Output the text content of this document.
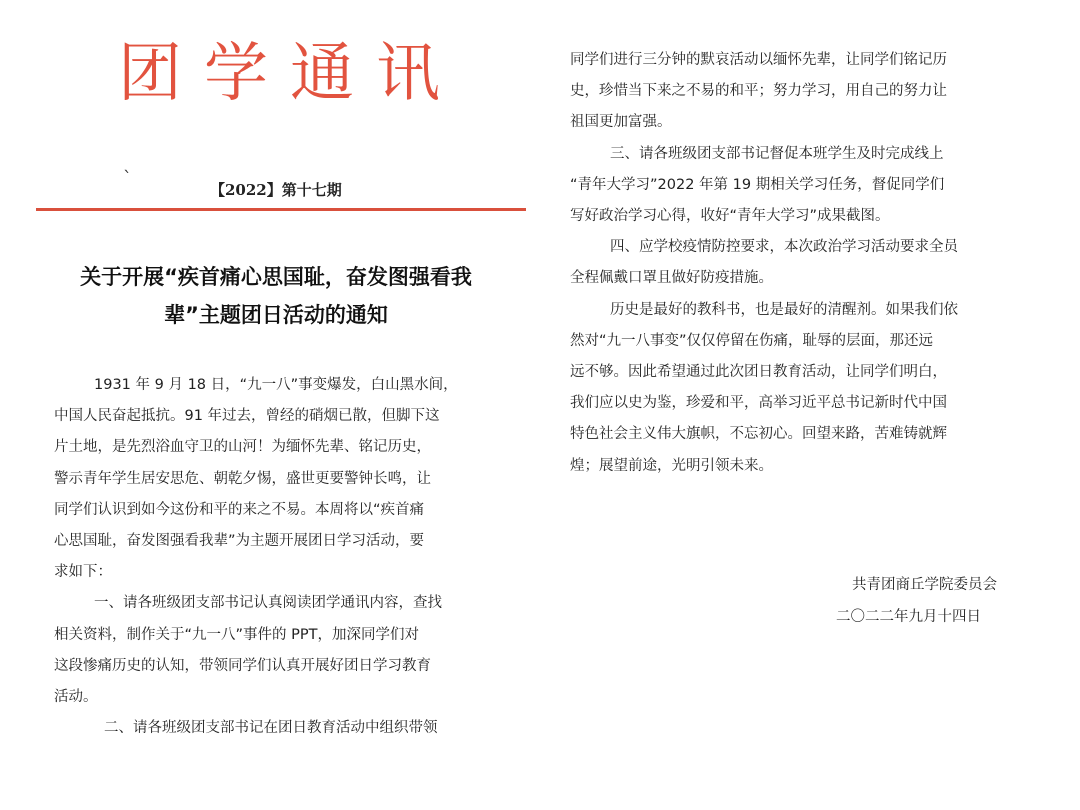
团学通讯
ˋ
【2022】第十七期
关于开展“疾首痛心思国耻，奋发图强看我
辈”主题团日活动的通知
1931 年 9 月 18 日，“九一八”事变爆发，白山黑水间，
中国人民奋起抵抗。91 年过去，曾经的硝烟已散，但脚下这
片土地，是先烈浴血守卫的山河！为缅怀先辈、铭记历史，
警示青年学生居安思危、朝乾夕惕，盛世更要警钟长鸣，让
同学们认识到如今这份和平的来之不易。本周将以“疾首痛
心思国耻，奋发图强看我辈”为主题开展团日学习活动，要
求如下：
一、请各班级团支部书记认真阅读团学通讯内容，查找
相关资料，制作关于“九一八”事件的 PPT，加深同学们对
这段惨痛历史的认知，带领同学们认真开展好团日学习教育
活动。
二、请各班级团支部书记在团日教育活动中组织带领
同学们进行三分钟的默哀活动以缅怀先辈，让同学们铭记历
史，珍惜当下来之不易的和平；努力学习，用自己的努力让
祖国更加富强。
三、请各班级团支部书记督促本班学生及时完成线上
“青年大学习”2022 年第 19 期相关学习任务，督促同学们
写好政治学习心得，收好“青年大学习”成果截图。
四、应学校疫情防控要求，本次政治学习活动要求全员
全程佩戴口罩且做好防疫措施。
历史是最好的教科书，也是最好的清醒剂。如果我们依
然对“九一八事变”仅仅停留在伤痛，耻辱的层面，那还远
远不够。因此希望通过此次团日教育活动，让同学们明白，
我们应以史为鉴，珍爱和平，高举习近平总书记新时代中国
特色社会主义伟大旗帜，不忘初心。回望来路，苦难铸就辉
煌；展望前途，光明引领未来。
共青团商丘学院委员会
二〇二二年九月十四日
